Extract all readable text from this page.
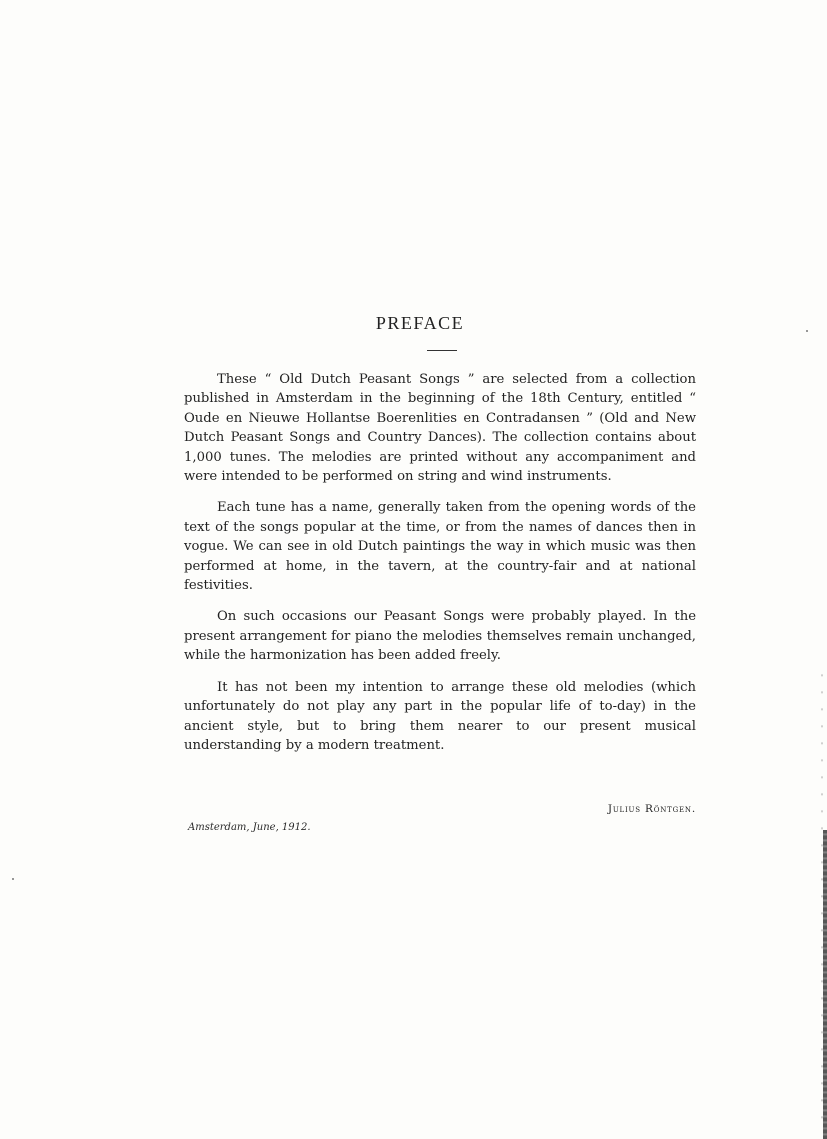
PREFACE

These “ Old Dutch Peasant Songs ” are selected from a collection published in Amsterdam in the beginning of the 18th Century, entitled “ Oude en Nieuwe Hollantse Boerenlities en Contradansen ” (Old and New Dutch Peasant Songs and Country Dances). The collection contains about 1,000 tunes. The melodies are printed without any accompaniment and were intended to be performed on string and wind instruments.

Each tune has a name, generally taken from the opening words of the text of the songs popular at the time, or from the names of dances then in vogue. We can see in old Dutch paintings the way in which music was then performed at home, in the tavern, at the country-fair and at national festivities.

On such occasions our Peasant Songs were probably played. In the present arrangement for piano the melodies themselves remain unchanged, while the harmonization has been added freely.

It has not been my intention to arrange these old melodies (which unfortunately do not play any part in the popular life of to-day) in the ancient style, but to bring them nearer to our present musical understanding by a modern treatment.

Julius Röntgen.
Amsterdam, June, 1912.
